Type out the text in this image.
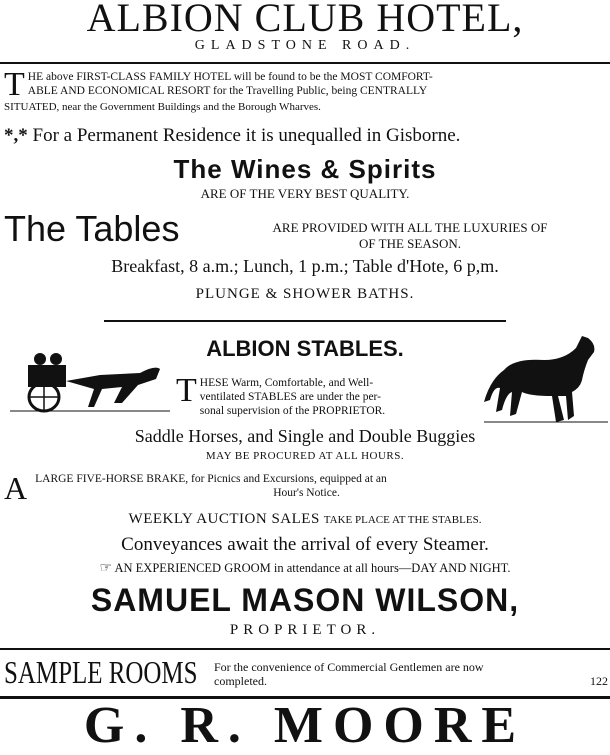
ALBION CLUB HOTEL,
GLADSTONE ROAD.
T HE above FIRST-CLASS FAMILY HOTEL will be found to be the MOST COMFORT-
ABLE AND ECONOMICAL RESORT for the Travelling Public, being CENTRALLY
SITUATED, near the Government Buildings and the Borough Wharves.
*,* For a Permanent Residence it is unequalled in Gisborne.
The Wines & Spirits
ARE OF THE VERY BEST QUALITY.
The Tables	ARE PROVIDED WITH ALL THE LUXURIES OF
OF THE SEASON.
Breakfast, 8 a.m.; Lunch, 1 p.m.; Table d'Hote, 6 p,m.
PLUNGE & SHOWER BATHS.
ALBION STABLES.
T HESE Warm, Comfortable, and Well-
ventilated STABLES are under the per-
sonal supervision of the PROPRIETOR.
Saddle Horses, and Single and Double Buggies
MAY BE PROCURED AT ALL HOURS.
A LARGE FIVE-HORSE BRAKE, for Picnics and Excursions, equipped at an
Hour's Notice.
WEEKLY AUCTION SALES TAKE PLACE AT THE STABLES.
Conveyances await the arrival of every Steamer.
☞ AN EXPERIENCED GROOM in attendance at all hours—DAY AND NIGHT.
SAMUEL MASON WILSON,
PROPRIETOR.
SAMPLE ROOMS	For the convenience of Commercial Gentlemen are now
completed.	122
G. R. MOORE
